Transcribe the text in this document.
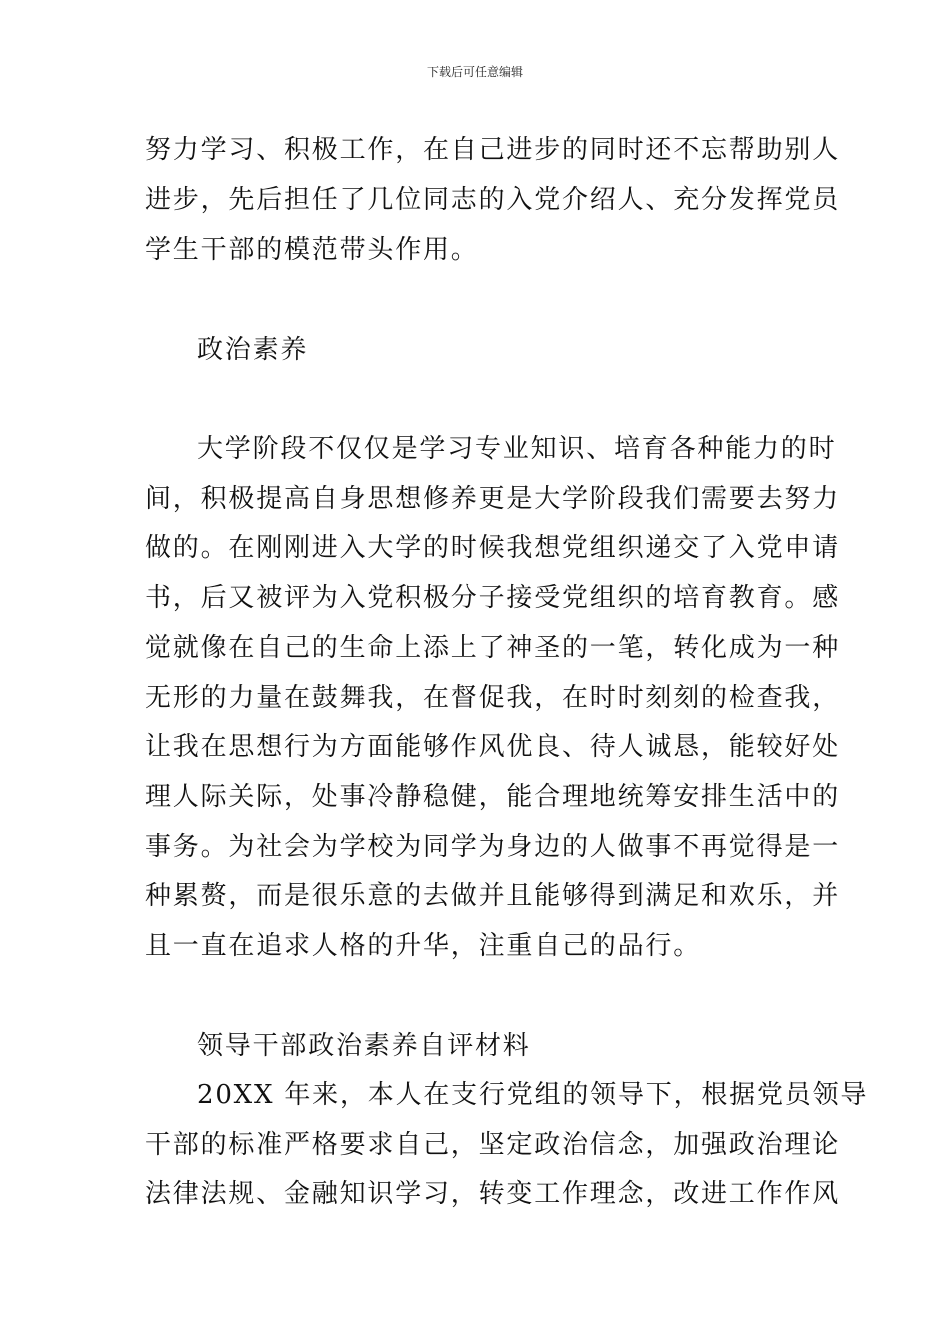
下载后可任意编辑
努力学习、积极工作，在自己进步的同时还不忘帮助别人
进步，先后担任了几位同志的入党介绍人、充分发挥党员
学生干部的模范带头作用。
政治素养
大学阶段不仅仅是学习专业知识、培育各种能力的时
间，积极提高自身思想修养更是大学阶段我们需要去努力
做的。在刚刚进入大学的时候我想党组织递交了入党申请
书，后又被评为入党积极分子接受党组织的培育教育。感
觉就像在自己的生命上添上了神圣的一笔，转化成为一种
无形的力量在鼓舞我，在督促我，在时时刻刻的检查我，
让我在思想行为方面能够作风优良、待人诚恳，能较好处
理人际关际，处事冷静稳健，能合理地统筹安排生活中的
事务。为社会为学校为同学为身边的人做事不再觉得是一
种累赘，而是很乐意的去做并且能够得到满足和欢乐，并
且一直在追求人格的升华，注重自己的品行。
领导干部政治素养自评材料
20XX 年来，本人在支行党组的领导下，根据党员领导
干部的标准严格要求自己，坚定政治信念，加强政治理论
法律法规、金融知识学习，转变工作理念，改进工作作风
